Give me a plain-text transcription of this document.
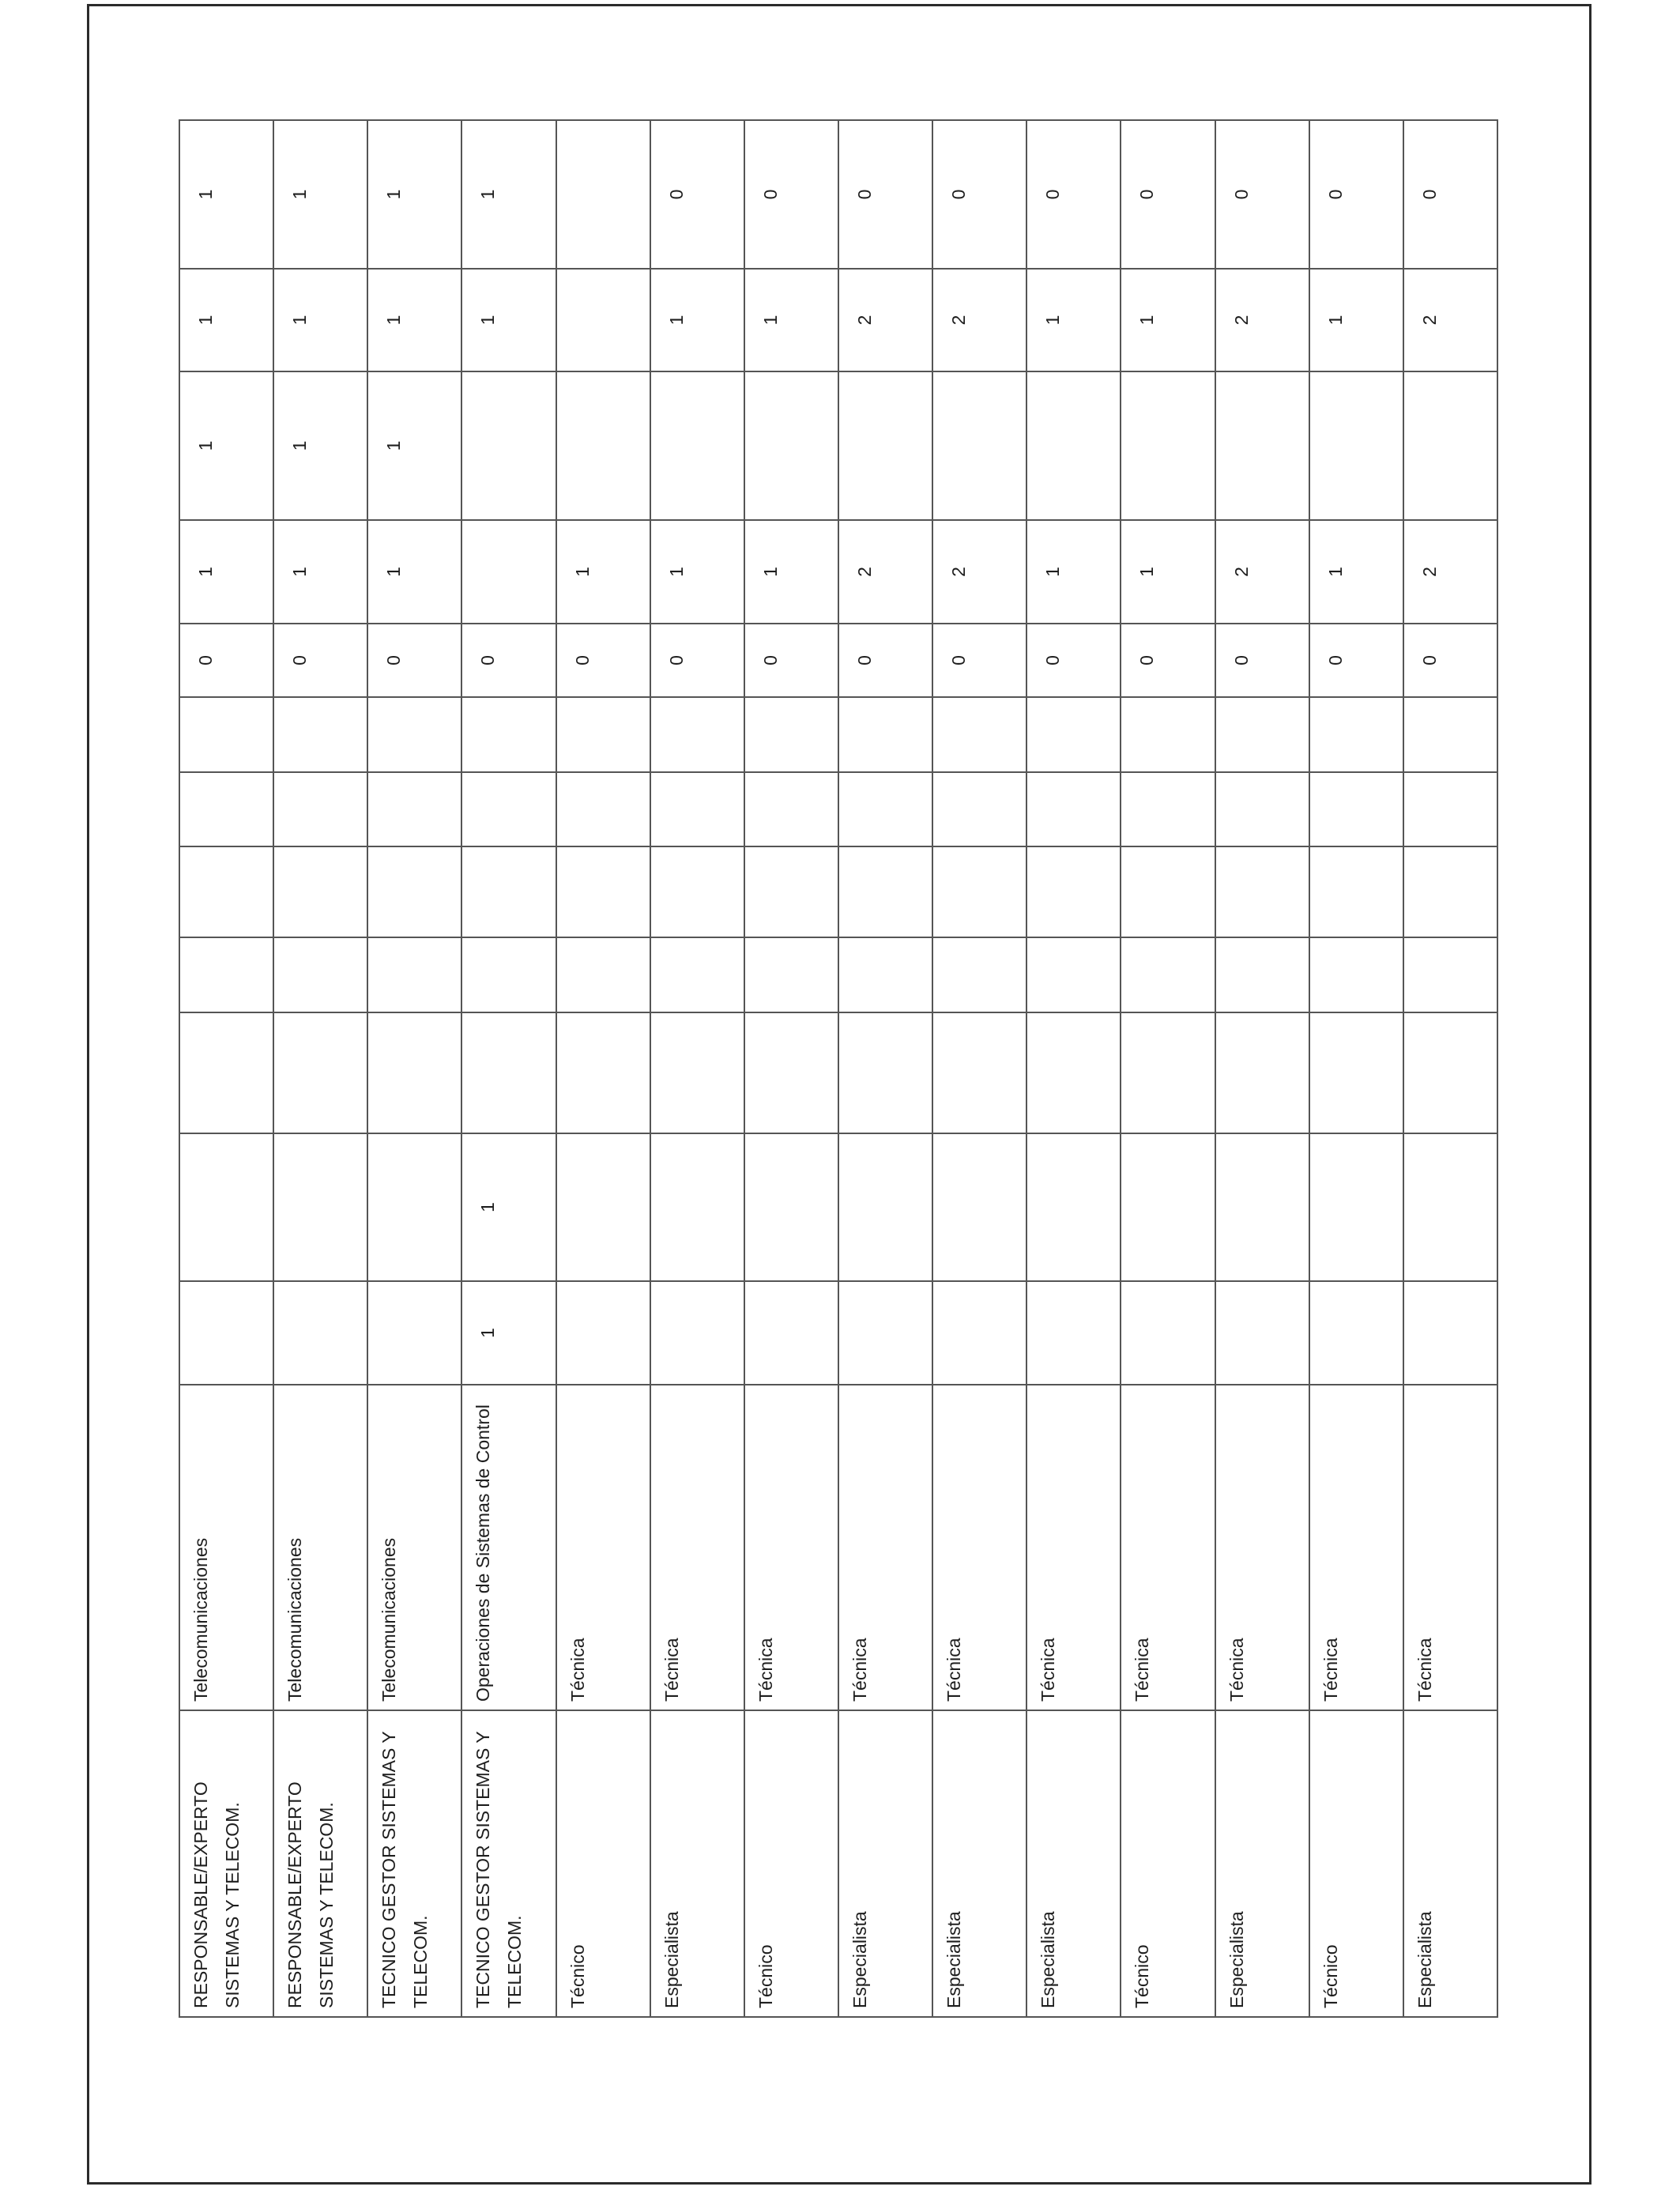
RESPONSABLE/EXPERTO SISTEMAS Y TELECOM.	Telecomunicaciones								0	1	1	1	1
RESPONSABLE/EXPERTO SISTEMAS Y TELECOM.	Telecomunicaciones								0	1	1	1	1
TECNICO GESTOR SISTEMAS Y TELECOM.	Telecomunicaciones								0	1	1	1	1
TECNICO GESTOR SISTEMAS Y TELECOM.	Operaciones de Sistemas de Control	1	1						0			1	1
Técnico	Técnica								0	1			
Especialista	Técnica								0	1		1	0
Técnico	Técnica								0	1		1	0
Especialista	Técnica								0	2		2	0
Especialista	Técnica								0	2		2	0
Especialista	Técnica								0	1		1	0
Técnico	Técnica								0	1		1	0
Especialista	Técnica								0	2		2	0
Técnico	Técnica								0	1		1	0
Especialista	Técnica								0	2		2	0
